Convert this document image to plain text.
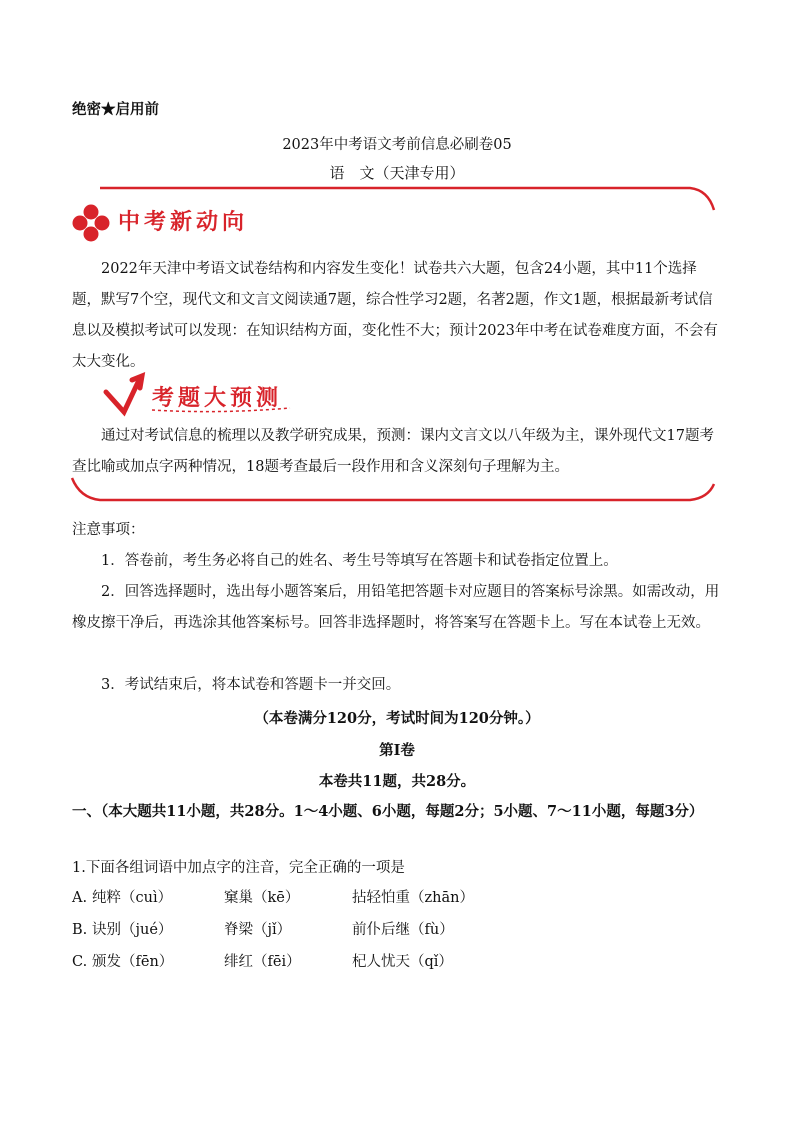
绝密★启用前
2023年中考语文考前信息必刷卷05
语　文（天津专用）
中考新动向
2022年天津中考语文试卷结构和内容发生变化！试卷共六大题，包含24小题，其中11个选择题，默写7个空，现代文和文言文阅读通7题，综合性学习2题，名著2题，作文1题，根据最新考试信息以及模拟考试可以发现：在知识结构方面，变化性不大；预计2023年中考在试卷难度方面，不会有太大变化。
考题大预测
通过对考试信息的梳理以及教学研究成果，预测：课内文言文以八年级为主，课外现代文17题考查比喻或加点字两种情况，18题考查最后一段作用和含义深刻句子理解为主。
注意事项：
1．答卷前，考生务必将自己的姓名、考生号等填写在答题卡和试卷指定位置上。
2．回答选择题时，选出每小题答案后，用铅笔把答题卡对应题目的答案标号涂黑。如需改动，用橡皮擦干净后，再选涂其他答案标号。回答非选择题时，将答案写在答题卡上。写在本试卷上无效。
3．考试结束后，将本试卷和答题卡一并交回。
（本卷满分120分，考试时间为120分钟。）
第Ⅰ卷
本卷共11题，共28分。
一、（本大题共11小题，共28分。1～4小题、6小题，每题2分；5小题、7～11小题，每题3分）
1.下面各组词语中加点字的注音，完全正确的一项是
A. 纯粹（cuì）	窠巢（kē）	拈轻怕重（zhān）
B. 诀别（jué）	脊梁（jǐ）	前仆后继（fù）
C. 颁发（fēn）	绯红（fēi）	杞人忧天（qǐ）
